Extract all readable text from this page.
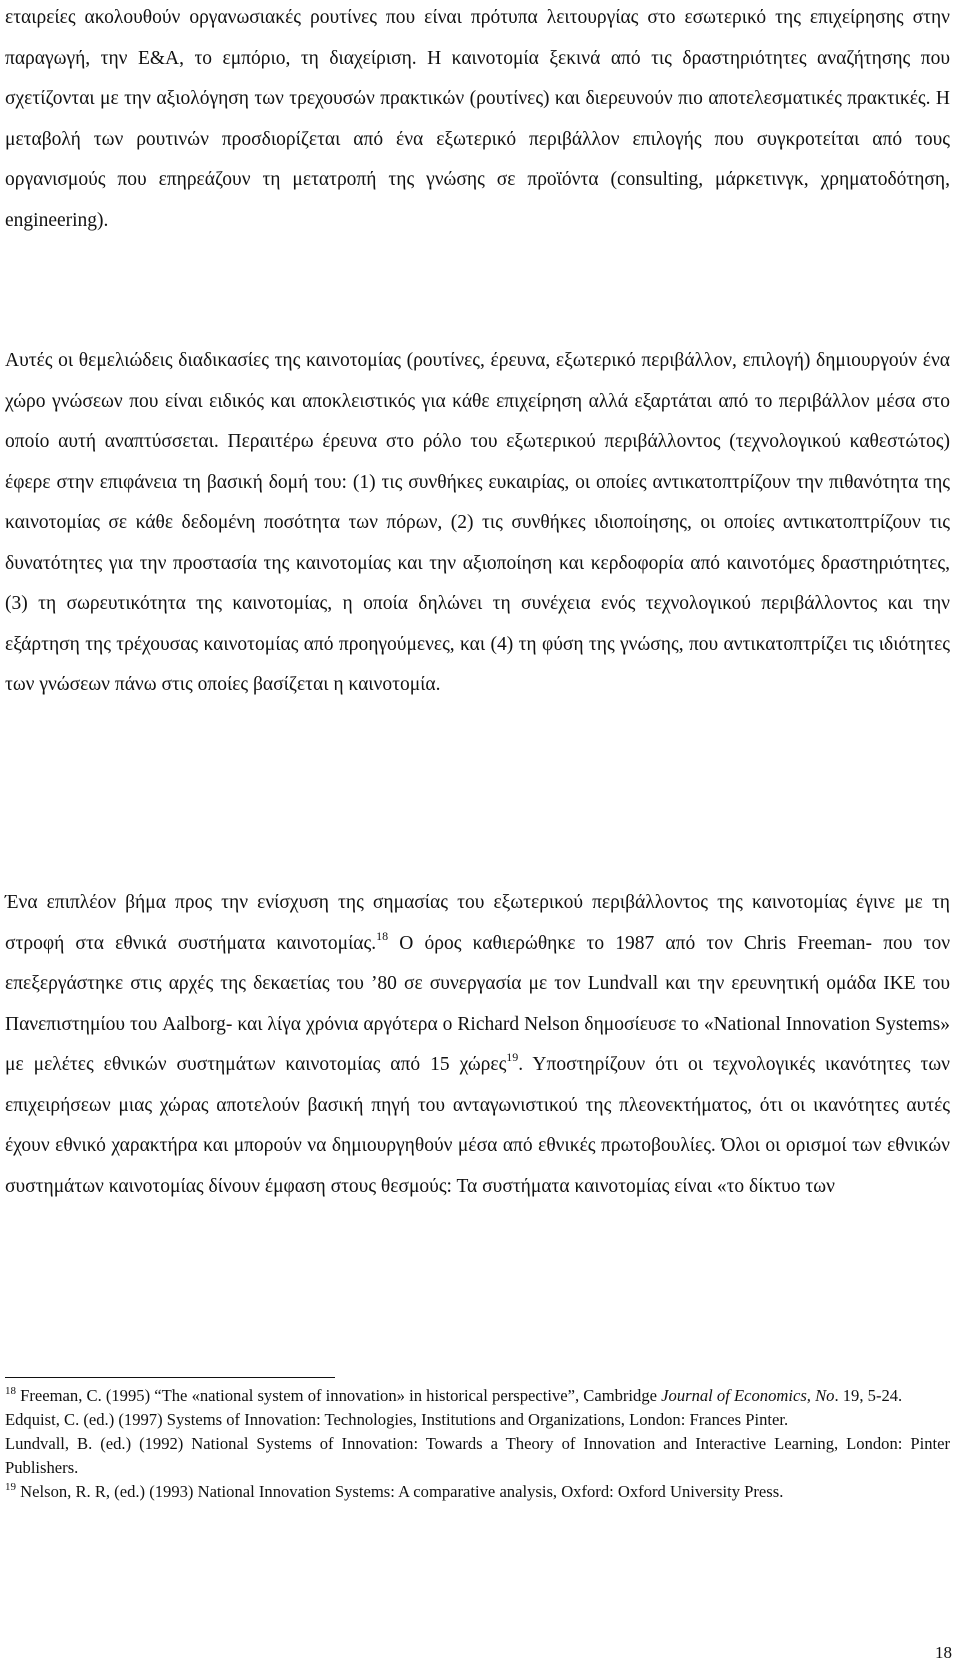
εταιρείες ακολουθούν οργανωσιακές ρουτίνες που είναι πρότυπα λειτουργίας στο εσωτερικό της επιχείρησης στην παραγωγή, την Ε&Α, το εμπόριο, τη διαχείριση. Η καινοτομία ξεκινά από τις δραστηριότητες αναζήτησης που σχετίζονται με την αξιολόγηση των τρεχουσών πρακτικών (ρουτίνες) και διερευνούν πιο αποτελεσματικές πρακτικές. Η μεταβολή των ρουτινών προσδιορίζεται από ένα εξωτερικό περιβάλλον επιλογής που συγκροτείται από τους οργανισμούς που επηρεάζουν τη μετατροπή της γνώσης σε προϊόντα (consulting, μάρκετινγκ, χρηματοδότηση, engineering).

Αυτές οι θεμελιώδεις διαδικασίες της καινοτομίας (ρουτίνες, έρευνα, εξωτερικό περιβάλλον, επιλογή) δημιουργούν ένα χώρο γνώσεων που είναι ειδικός και αποκλειστικός για κάθε επιχείρηση αλλά εξαρτάται από το περιβάλλον μέσα στο οποίο αυτή αναπτύσσεται. Περαιτέρω έρευνα στο ρόλο του εξωτερικού περιβάλλοντος (τεχνολογικού καθεστώτος) έφερε στην επιφάνεια τη βασική δομή του: (1) τις συνθήκες ευκαιρίας, οι οποίες αντικατοπτρίζουν την πιθανότητα της καινοτομίας σε κάθε δεδομένη ποσότητα των πόρων, (2) τις συνθήκες ιδιοποίησης, οι οποίες αντικατοπτρίζουν τις δυνατότητες για την προστασία της καινοτομίας και την αξιοποίηση και κερδοφορία από καινοτόμες δραστηριότητες, (3) τη σωρευτικότητα της καινοτομίας, η οποία δηλώνει τη συνέχεια ενός τεχνολογικού περιβάλλοντος και την εξάρτηση της τρέχουσας καινοτομίας από προηγούμενες, και (4) τη φύση της γνώσης, που αντικατοπτρίζει τις ιδιότητες των γνώσεων πάνω στις οποίες βασίζεται η καινοτομία.

Ένα επιπλέον βήμα προς την ενίσχυση της σημασίας του εξωτερικού περιβάλλοντος της καινοτομίας έγινε με τη στροφή στα εθνικά συστήματα καινοτομίας.$^{18}$ Ο όρος καθιερώθηκε το 1987 από τον Chris Freeman- που τον επεξεργάστηκε στις αρχές της δεκαετίας του ’80 σε συνεργασία με τον Lundvall και την ερευνητική ομάδα ΙΚΕ του Πανεπιστημίου του Aalborg- και λίγα χρόνια αργότερα ο Richard Nelson δημοσίευσε το «National Innovation Systems» με μελέτες εθνικών συστημάτων καινοτομίας από 15 χώρες$^{19}$. Υποστηρίζουν ότι οι τεχνολογικές ικανότητες των επιχειρήσεων μιας χώρας αποτελούν βασική πηγή του ανταγωνιστικού της πλεονεκτήματος, ότι οι ικανότητες αυτές έχουν εθνικό χαρακτήρα και μπορούν να δημιουργηθούν μέσα από εθνικές πρωτοβουλίες. Όλοι οι ορισμοί των εθνικών συστημάτων καινοτομίας δίνουν έμφαση στους θεσμούς: Τα συστήματα καινοτομίας είναι «το δίκτυο των

$^{18}$ Freeman, C. (1995) “The «national system of innovation» in historical perspective”, Cambridge Journal of Economics, No. 19, 5-24.

Edquist, C. (ed.) (1997) Systems of Innovation: Technologies, Institutions and Organizations, London: Frances Pinter.

Lundvall, B. (ed.) (1992) National Systems of Innovation: Towards a Theory of Innovation and Interactive Learning, London: Pinter Publishers.

$^{19}$ Nelson, R. R, (ed.) (1993) National Innovation Systems: A comparative analysis, Oxford: Oxford University Press.

18
